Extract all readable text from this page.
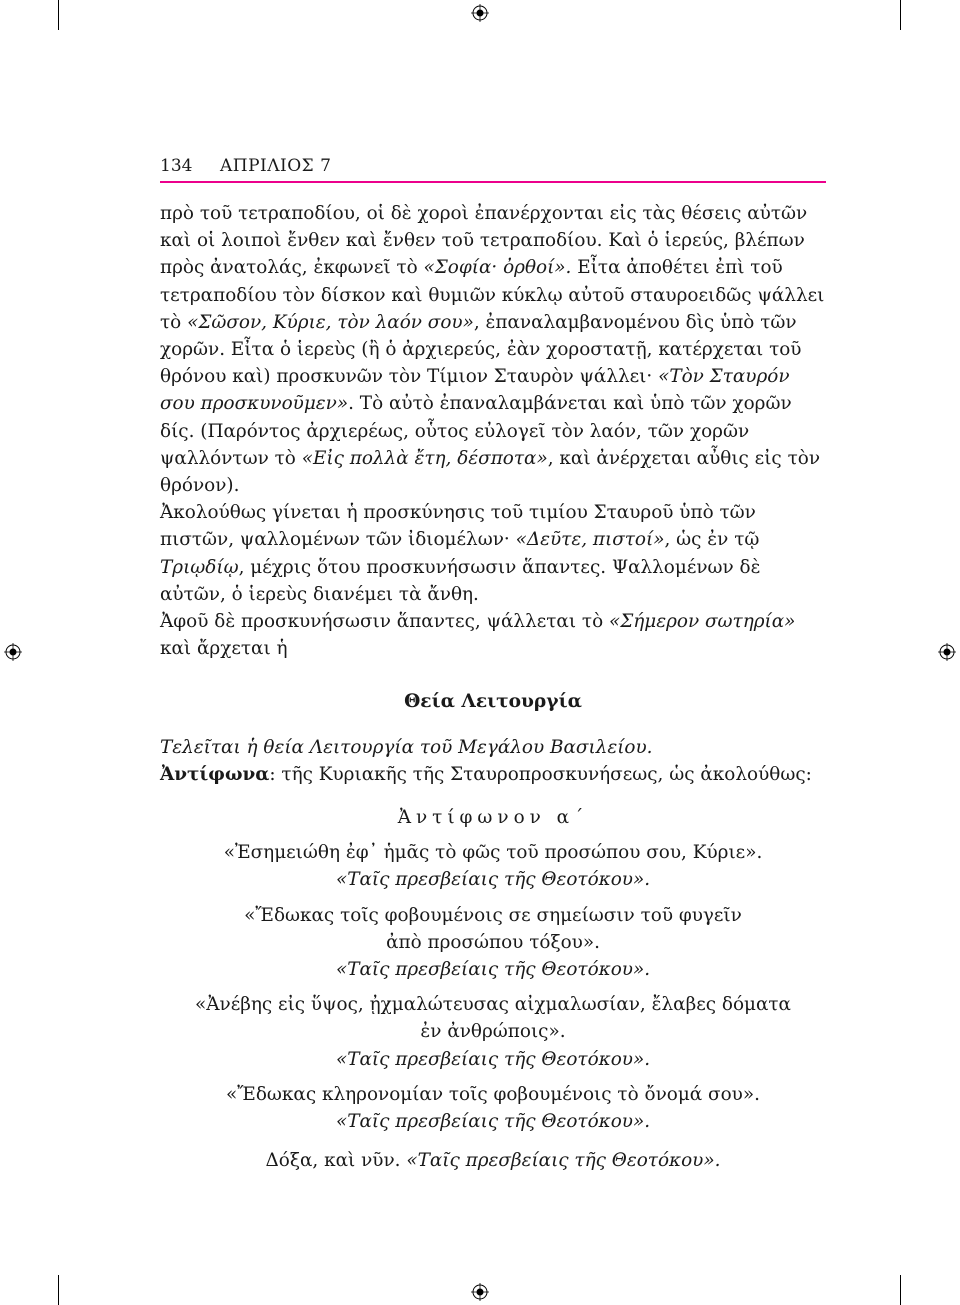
134 ΑΠΡΙΛΙΟΣ 7

πρὸ τοῦ τετραποδίου, οἱ δὲ χοροὶ ἐπανέρχονται εἰς τὰς θέσεις αὐτῶν καὶ οἱ λοιποὶ ἔνθεν καὶ ἔνθεν τοῦ τετραποδίου. Καὶ ὁ ἱερεύς, βλέπων πρὸς ἀνατολάς, ἐκφωνεῖ τὸ «Σοφία· ὀρθοί». Εἶτα ἀποθέτει ἐπὶ τοῦ τετραποδίου τὸν δίσκον καὶ θυμιῶν κύκλῳ αὐτοῦ σταυροειδῶς ψάλλει τὸ «Σῶσον, Κύριε, τὸν λαόν σου», ἐπαναλαμβανομένου δὶς ὑπὸ τῶν χορῶν. Εἶτα ὁ ἱερεὺς (ἢ ὁ ἀρχιερεύς, ἐὰν χοροστατῇ, κατέρχεται τοῦ θρόνου καὶ) προσκυνῶν τὸν Τίμιον Σταυρὸν ψάλλει· «Τὸν Σταυρόν σου προσκυνοῦμεν». Τὸ αὐτὸ ἐπαναλαμβάνεται καὶ ὑπὸ τῶν χορῶν δίς. (Παρόντος ἀρχιερέως, οὗτος εὐλογεῖ τὸν λαόν, τῶν χορῶν ψαλλόντων τὸ «Εἰς πολλὰ ἔτη, δέσποτα», καὶ ἀνέρχεται αὖθις εἰς τὸν θρόνον).

Ἀκολούθως γίνεται ἡ προσκύνησις τοῦ τιμίου Σταυροῦ ὑπὸ τῶν πιστῶν, ψαλλομένων τῶν ἰδιομέλων· «Δεῦτε, πιστοί», ὡς ἐν τῷ Τριῳδίῳ, μέχρις ὅτου προσκυνήσωσιν ἅπαντες. Ψαλλομένων δὲ αὐτῶν, ὁ ἱερεὺς διανέμει τὰ ἄνθη.

Ἀφοῦ δὲ προσκυνήσωσιν ἅπαντες, ψάλλεται τὸ «Σήμερον σωτηρία» καὶ ἄρχεται ἡ

Θεία Λειτουργία

Τελεῖται ἡ θεία Λειτουργία τοῦ Μεγάλου Βασιλείου.

Ἀντίφωνα: τῆς Κυριακῆς τῆς Σταυροπροσκυνήσεως, ὡς ἀκολούθως:

Ἀντίφωνον α΄

«Ἐσημειώθη ἐφ᾽ ἡμᾶς τὸ φῶς τοῦ προσώπου σου, Κύριε».
«Ταῖς πρεσβείαις τῆς Θεοτόκου».

«Ἔδωκας τοῖς φοβουμένοις σε σημείωσιν τοῦ φυγεῖν
ἀπὸ προσώπου τόξου».
«Ταῖς πρεσβείαις τῆς Θεοτόκου».

«Ἀνέβης εἰς ὕψος, ᾐχμαλώτευσας αἰχμαλωσίαν, ἔλαβες δόματα
ἐν ἀνθρώποις».
«Ταῖς πρεσβείαις τῆς Θεοτόκου».

«Ἔδωκας κληρονομίαν τοῖς φοβουμένοις τὸ ὄνομά σου».
«Ταῖς πρεσβείαις τῆς Θεοτόκου».

Δόξα, καὶ νῦν. «Ταῖς πρεσβείαις τῆς Θεοτόκου».
